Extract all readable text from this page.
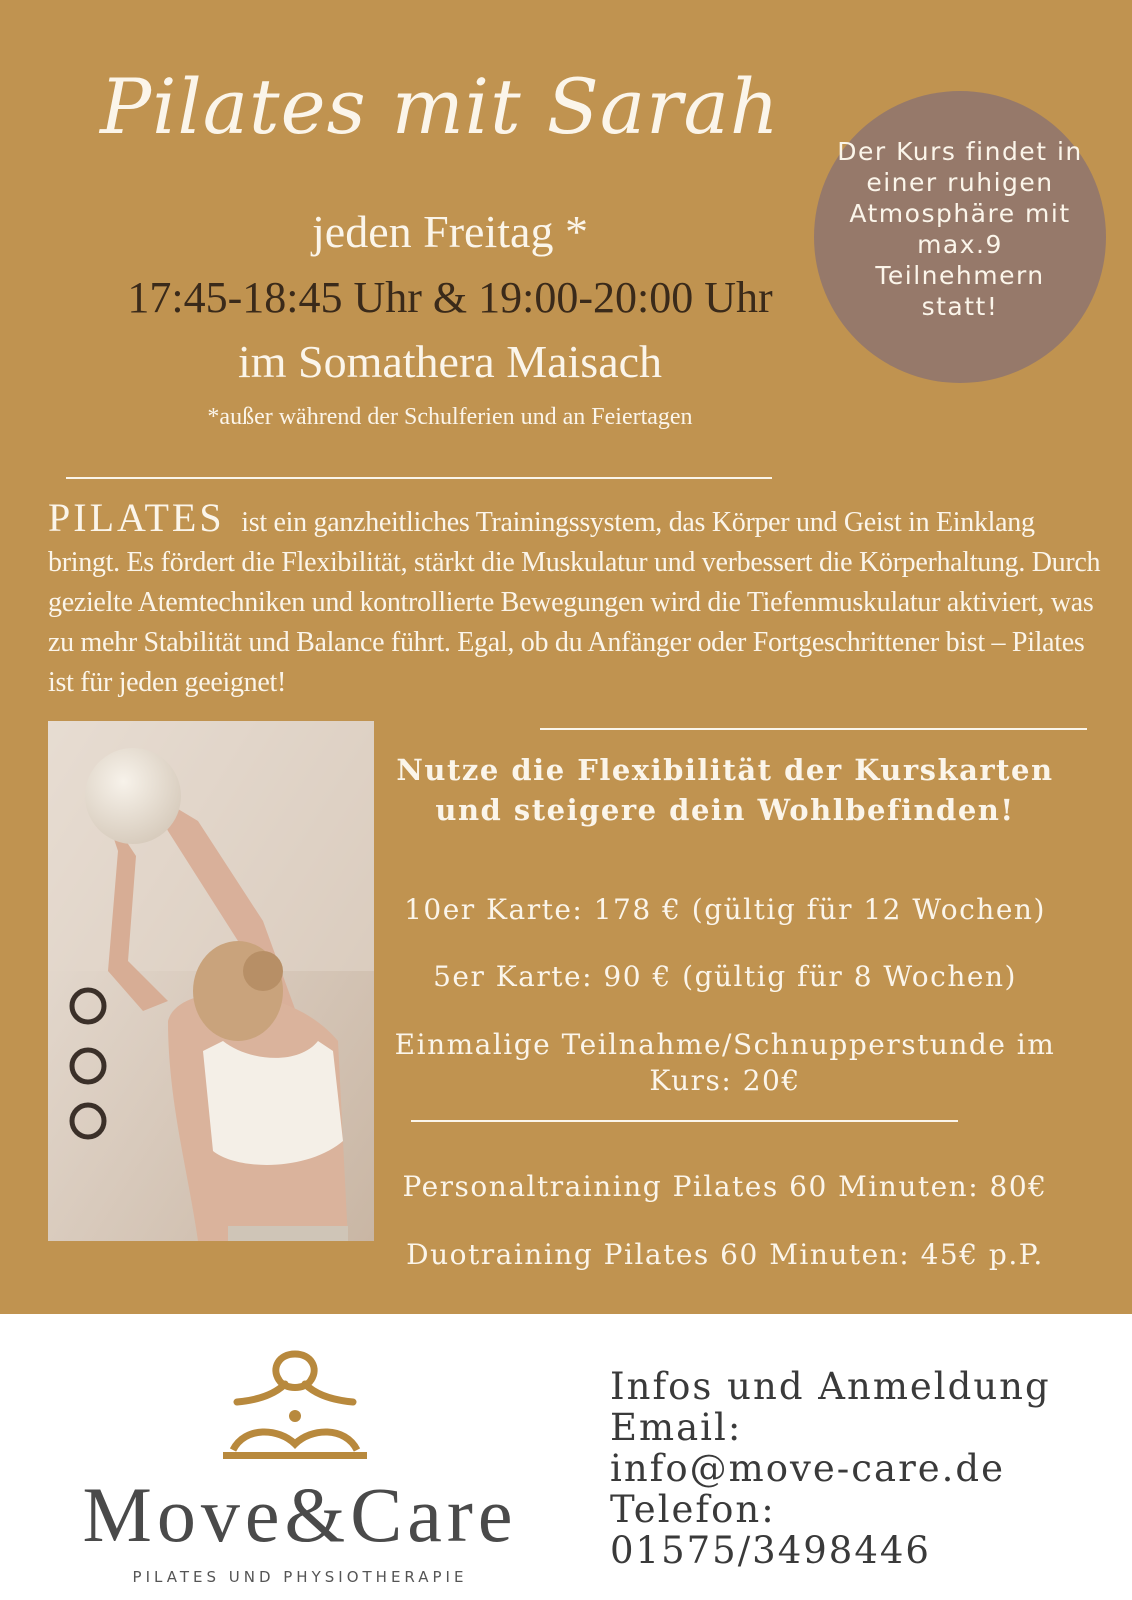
Pilates mit Sarah
jeden Freitag *
17:45-18:45 Uhr & 19:00-20:00 Uhr
im Somathera Maisach
*außer während der Schulferien und an Feiertagen
Der Kurs findet in einer ruhigen Atmosphäre mit max.9 Teilnehmern statt!
PILATES ist ein ganzheitliches Trainingssystem, das Körper und Geist in Einklang bringt. Es fördert die Flexibilität, stärkt die Muskulatur und verbessert die Körperhaltung. Durch gezielte Atemtechniken und kontrollierte Bewegungen wird die Tiefenmuskulatur aktiviert, was zu mehr Stabilität und Balance führt. Egal, ob du Anfänger oder Fortgeschrittener bist – Pilates ist für jeden geeignet!
Nutze die Flexibilität der Kurskarten
und steigere dein Wohlbefinden!
10er Karte: 178 € (gültig für 12 Wochen)
5er Karte: 90 € (gültig für 8 Wochen)
Einmalige Teilnahme/Schnupperstunde im
Kurs: 20€
Personaltraining Pilates 60 Minuten: 80€
Duotraining Pilates 60 Minuten: 45€ p.P.
Move&Care
PILATES UND PHYSIOTHERAPIE
Infos und Anmeldung
Email:
info@move-care.de
Telefon:
01575/3498446
